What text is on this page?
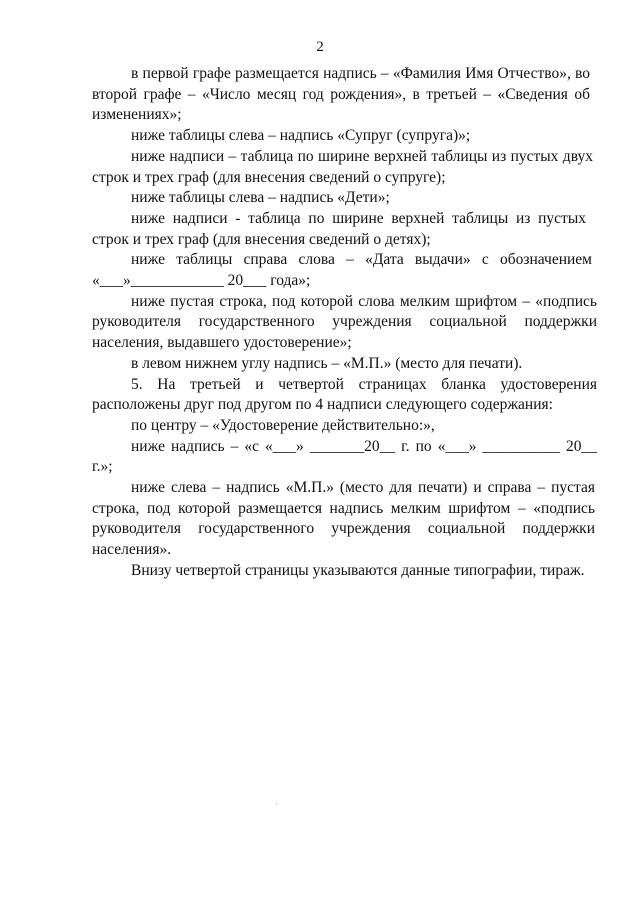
2

в первой графе размещается надпись – «Фамилия Имя Отчество», во второй графе – «Число месяц год рождения», в третьей – «Сведения об изменениях»;

ниже таблицы слева – надпись «Супруг (супруга)»;

ниже надписи – таблица по ширине верхней таблицы из пустых двух строк и трех граф (для внесения сведений о супруге);

ниже таблицы слева – надпись «Дети»;

ниже надписи - таблица по ширине верхней таблицы из пустых строк и трех граф (для внесения сведений о детях);

ниже таблицы справа слова – «Дата выдачи» с обозначением «___»____________ 20___ года»;

ниже пустая строка, под которой слова мелким шрифтом – «подпись руководителя государственного учреждения социальной поддержки населения, выдавшего удостоверение»;

в левом нижнем углу надпись – «М.П.» (место для печати).

5. На третьей и четвертой страницах бланка удостоверения расположены друг под другом по 4 надписи следующего содержания:

по центру – «Удостоверение действительно:»,

ниже надпись – «с «___» _______20__ г. по «___» __________ 20__ г.»;

ниже слева – надпись «М.П.» (место для печати) и справа – пустая строка, под которой размещается надпись мелким шрифтом – «подпись руководителя государственного учреждения социальной поддержки населения».

Внизу четвертой страницы указываются данные типографии, тираж.
